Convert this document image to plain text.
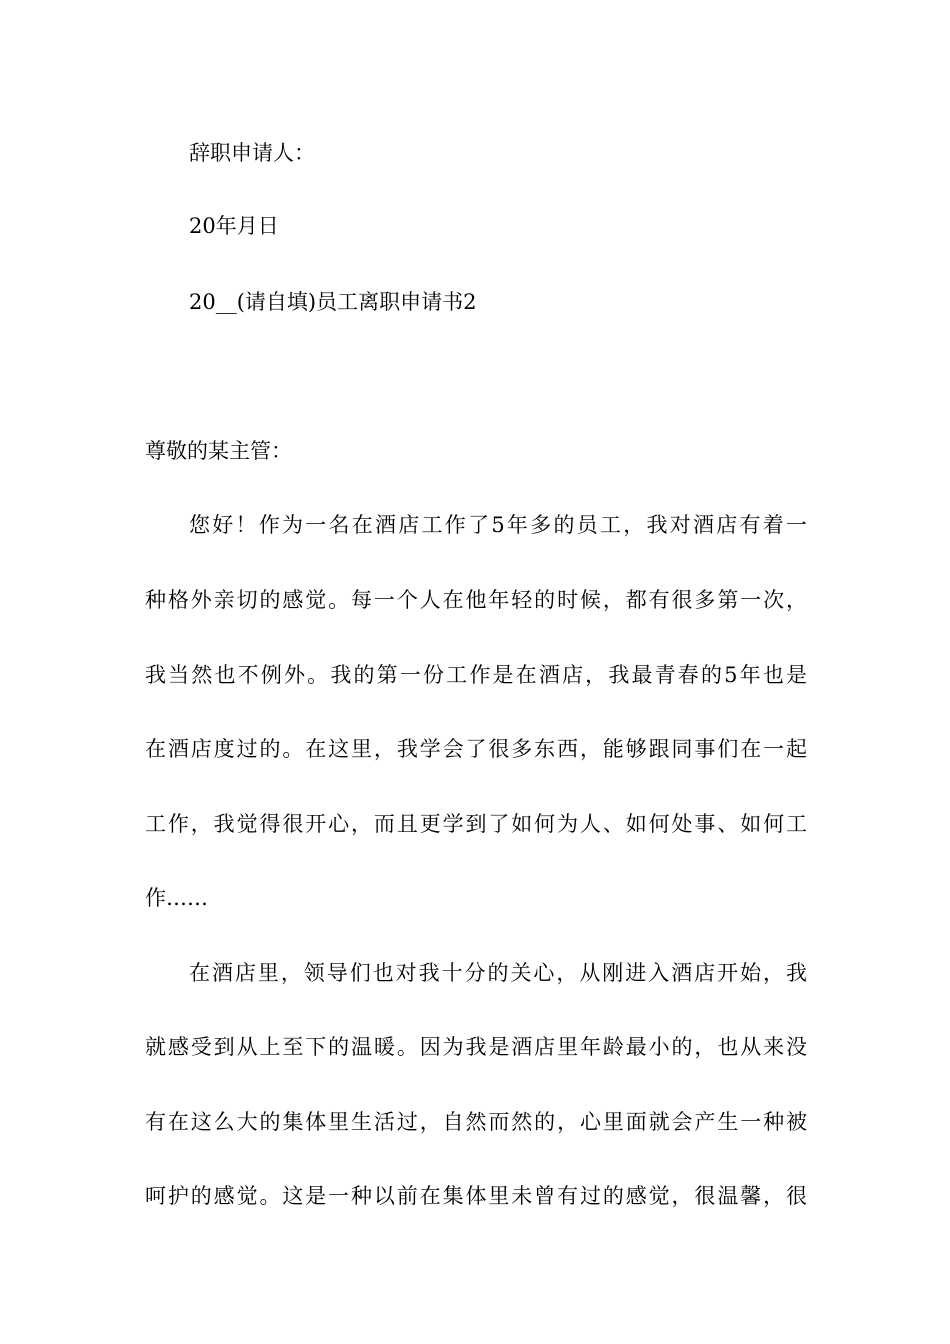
辞职申请人：
20年月日
20__(请自填)员工离职申请书2
尊敬的某主管：
您好！作为一名在酒店工作了5年多的员工，我对酒店有着一
种格外亲切的感觉。每一个人在他年轻的时候，都有很多第一次，
我当然也不例外。我的第一份工作是在酒店，我最青春的5年也是
在酒店度过的。在这里，我学会了很多东西，能够跟同事们在一起
工作，我觉得很开心，而且更学到了如何为人、如何处事、如何工
作……
在酒店里，领导们也对我十分的关心，从刚进入酒店开始，我
就感受到从上至下的温暖。因为我是酒店里年龄最小的，也从来没
有在这么大的集体里生活过，自然而然的，心里面就会产生一种被
呵护的感觉。这是一种以前在集体里未曾有过的感觉，很温馨，很
